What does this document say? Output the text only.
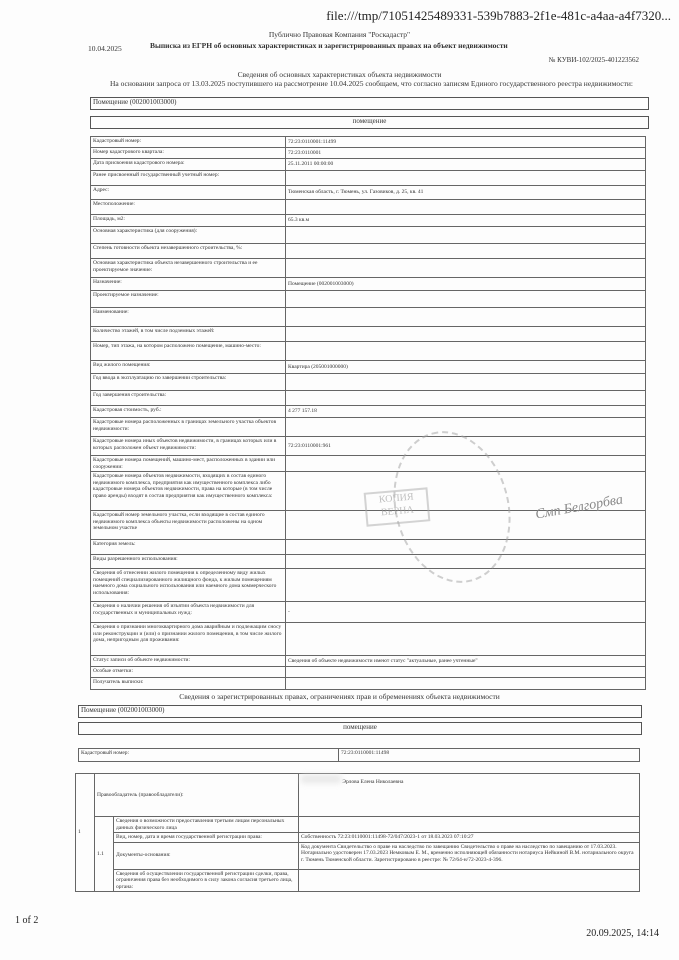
file:///tmp/71051425489331-539b7883-2f1e-481c-a4aa-a4f7320...
Публично Правовая Компания "Роскадастр"
Выписка из ЕГРН об основных характеристиках и зарегистрированных правах на объект недвижимости
10.04.2025
№ КУВИ-102/2025-401223562
Сведения об основных характеристиках объекта недвижимости
На основании запроса от 13.03.2025 поступившего на рассмотрение 10.04.2025 сообщаем, что согласно записям Единого государственного реестра недвижимости:
Помещение (002001003000)
помещение
Кадастровый номер:	72:23:0110001:11499
Номер кадастрового квартала:	72:23:0110001
Дата присвоения кадастрового номера:	25.11.2011 00:00:00
Ранее присвоенный государственный учетный номер:	
Адрес:	Тюменская область, г. Тюмень, ул. Газовиков, д. 25, кв. 41
Местоположение:	
Площадь, м2:	65.3 кв.м
Основная характеристика (для сооружения):	
Степень готовности объекта незавершенного строительства, %:	
Основная характеристика объекта незавершенного строительства и ее проектируемое значение:	
Назначение:	Помещение (002001003000)
Проектируемое назначение:	
Наименование:	
Количество этажей, в том числе подземных этажей:	
Номер, тип этажа, на котором расположено помещение, машино-место:	
Вид жилого помещения:	Квартира (205001000000)
Год ввода в эксплуатацию по завершении строительства:	
Год завершения строительства:	
Кадастровая стоимость, руб.:	4 277 157.18
Кадастровые номера расположенных в границах земельного участка объектов недвижимости:	
Кадастровые номера иных объектов недвижимости, в границах которых или в которых расположен объект недвижимости:	72:23:0110001:961
Кадастровые номера помещений, машино-мест, расположенных в здании или сооружении:	
Кадастровые номера объектов недвижимости, входящих в состав единого недвижимого комплекса, предприятия как имущественного комплекса либо кадастровые номера объектов недвижимости, права на которые (в том числе право аренды) входят в состав предприятия как имущественного комплекса:	
Кадастровый номер земельного участка, если входящие в состав единого недвижимого комплекса объекты недвижимости расположены на одном земельном участке	
Категория земель:	
Виды разрешенного использования:	
Сведения об отнесении жилого помещения к определенному виду жилых помещений специализированного жилищного фонда, к жилым помещениям наемного дома социального использования или наемного дома коммерческого использования:	
Сведения о наличии решения об изъятии объекта недвижимости для государственных и муниципальных нужд:	-
Сведения о признании многоквартирного дома аварийным и подлежащим сносу или реконструкции и (или) о признании жилого помещения, в том числе жилого дома, непригодным для проживания:	
Статус записи об объекте недвижимости:	Сведения об объекте недвижимости имеют статус "актуальные, ранее учтенные"
Особые отметки:	
Получатель выписки:	
КОПИЯ
ВЕРНА	Смп Белгорбва
Сведения о зарегистрированных правах, ограничениях прав и обременениях объекта недвижимости
Помещение (002001003000)
помещение
Кадастровый номер:	72:23:0110001:11498
1	Правообладатель (правообладатели):		Эрлова Елена Николаевна
	1.1	Сведения о возможности предоставления третьим лицам персональных данных физического лица	
		Вид, номер, дата и время государственной регистрации права:	Собственность 72:23:0110001:11498-72/047/2023-1 от 18.03.2023 07:10:27
		Документы-основания:	Код документа Свидетельство о праве на наследство по завещанию Свидетельство о праве на наследство по завещанию от 17.03.2023. Нотариально удостоверен 17.03.2023 Немковым Е. М., временно исполняющей обязанности нотариуса Нейкиной В.М. нотариального округа г. Тюмень Тюменской области. Зарегистрировано в реестре: № 72/64-н/72-2023-4-396.
		Сведения об осуществлении государственной регистрации сделки, права, ограничения права без необходимого в силу закона согласия третьего лица, органа:	
1 of 2
20.09.2025, 14:14
